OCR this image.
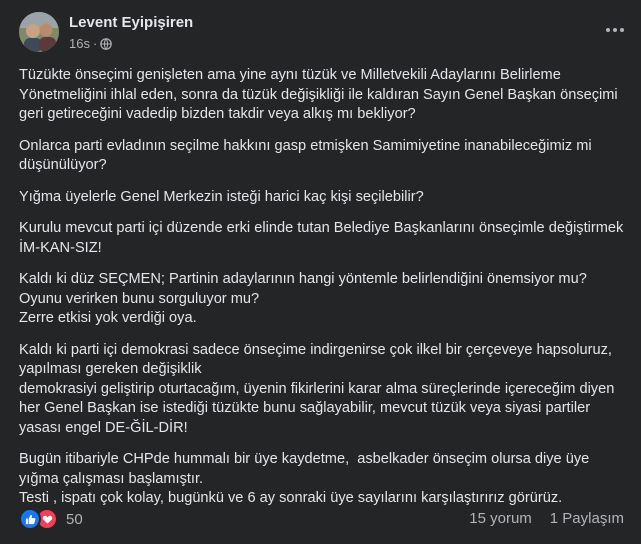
Levent Eyipişiren
16s ·

Tüzükte önseçimi genişleten ama yine aynı tüzük ve Milletvekili Adaylarını Belirleme Yönetmeliğini ihlal eden, sonra da tüzük değişikliği ile kaldıran Sayın Genel Başkan önseçimi geri getireceğini vadedip bizden takdir veya alkış mı bekliyor?

Onlarca parti evladının seçilme hakkını gasp etmişken Samimiyetine inanabileceğimiz mi düşünülüyor?

Yığma üyelerle Genel Merkezin isteği harici kaç kişi seçilebilir?

Kurulu mevcut parti içi düzende erki elinde tutan Belediye Başkanlarını önseçimle değiştirmek İM-KAN-SIZ!

Kaldı ki düz SEÇMEN; Partinin adaylarının hangi yöntemle belirlendiğini önemsiyor mu?
Oyunu verirken bunu sorguluyor mu?
Zerre etkisi yok verdiği oya.

Kaldı ki parti içi demokrasi sadece önseçime indirgenirse çok ilkel bir çerçeveye hapsoluruz, yapılması gereken değişiklik
demokrasiyi geliştirip oturtacağım, üyenin fikirlerini karar alma süreçlerinde içereceğim diyen her Genel Başkan ise istediği tüzükte bunu sağlayabilir, mevcut tüzük veya siyasi partiler yasası engel DE-ĞİL-DİR!

Bugün itibariyle CHPde hummalı bir üye kaydetme,  asbelkader önseçim olursa diye üye yığma çalışması başlamıştır.
Testi , ispatı çok kolay, bugünkü ve 6 ay sonraki üye sayılarını karşılaştırırız görürüz.

50	15 yorum 1 Paylaşım
